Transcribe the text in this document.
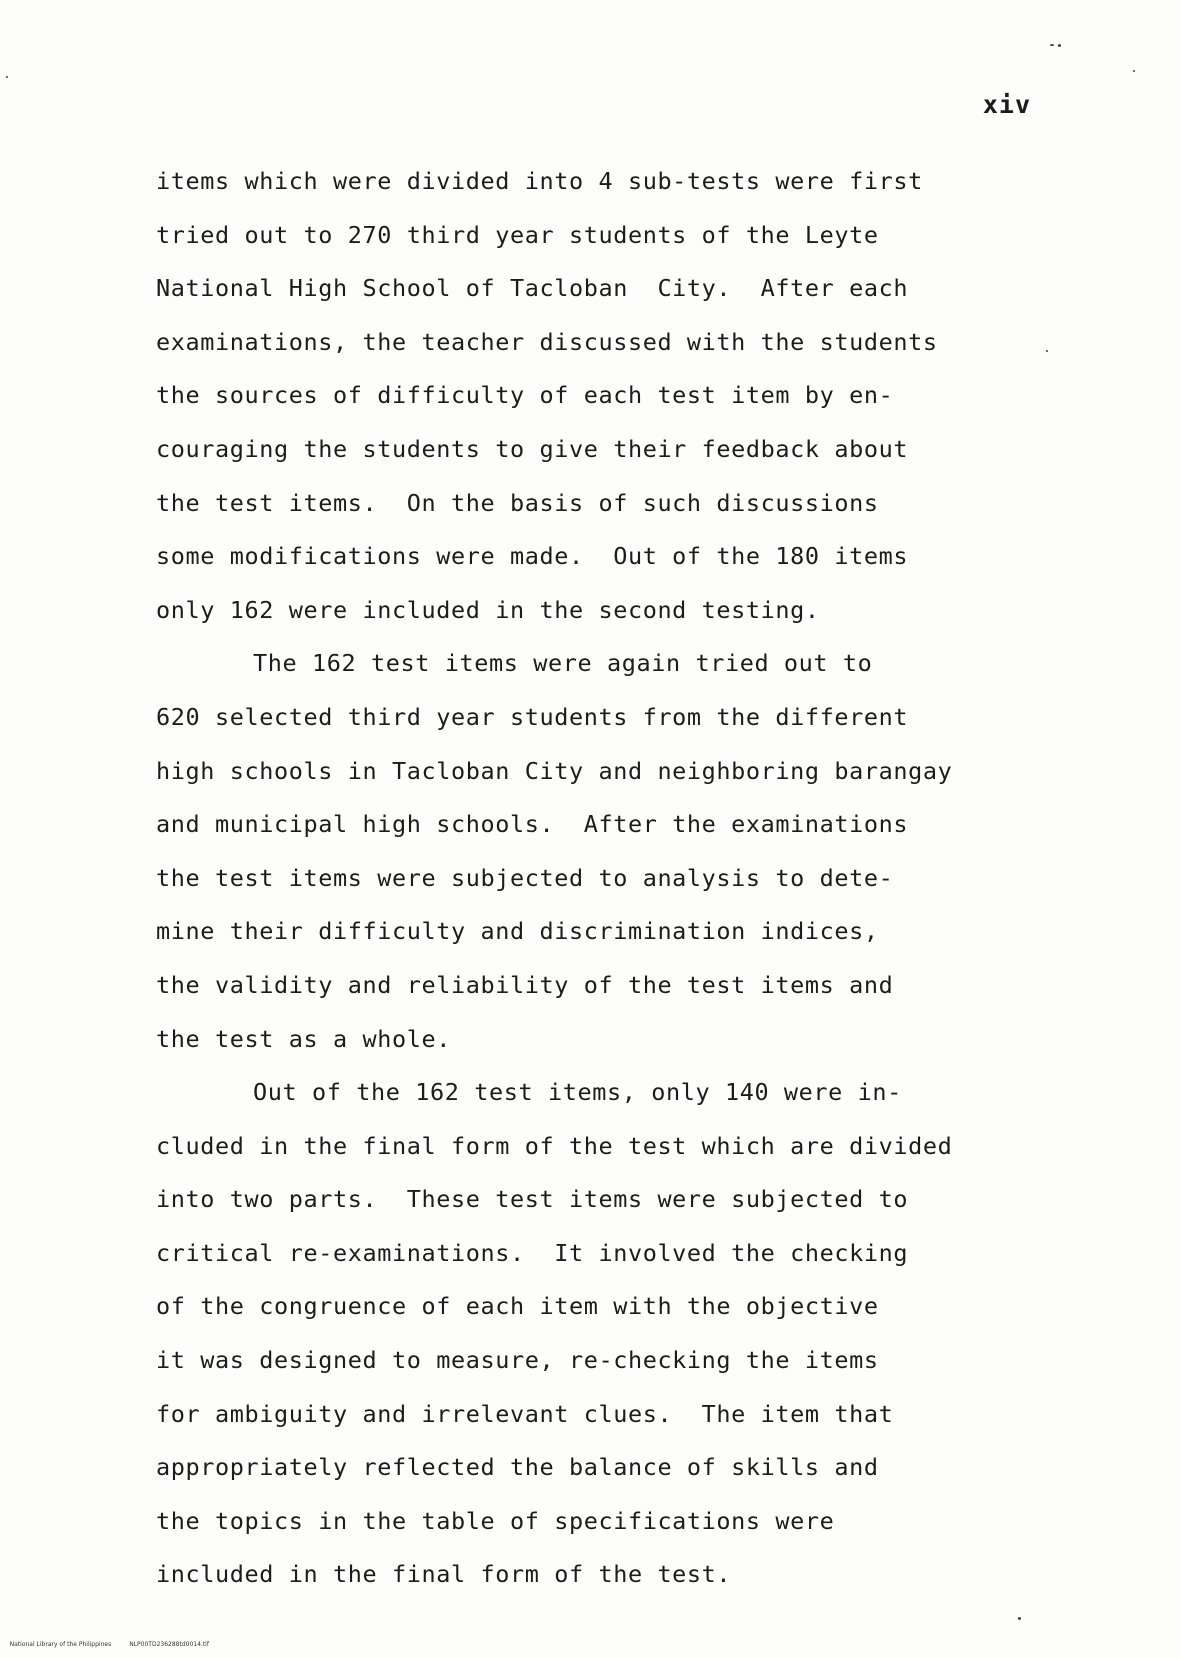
xiv
items which were divided into 4 sub-tests were first
tried out to 270 third year students of the Leyte
National High School of Tacloban  City.  After each
examinations, the teacher discussed with the students
the sources of difficulty of each test item by en-
couraging the students to give their feedback about
the test items.  On the basis of such discussions
some modifications were made.  Out of the 180 items
only 162 were included in the second testing.
The 162 test items were again tried out to
620 selected third year students from the different
high schools in Tacloban City and neighboring barangay
and municipal high schools.  After the examinations
the test items were subjected to analysis to dete-
mine their difficulty and discrimination indices,
the validity and reliability of the test items and
the test as a whole.
Out of the 162 test items, only 140 were in-
cluded in the final form of the test which are divided
into two parts.  These test items were subjected to
critical re-examinations.  It involved the checking
of the congruence of each item with the objective
it was designed to measure, re-checking the items
for ambiguity and irrelevant clues.  The item that
appropriately reflected the balance of skills and
the topics in the table of specifications were
included in the final form of the test.

National Library of the Philippines	NLP00TD236288td0014.tif
